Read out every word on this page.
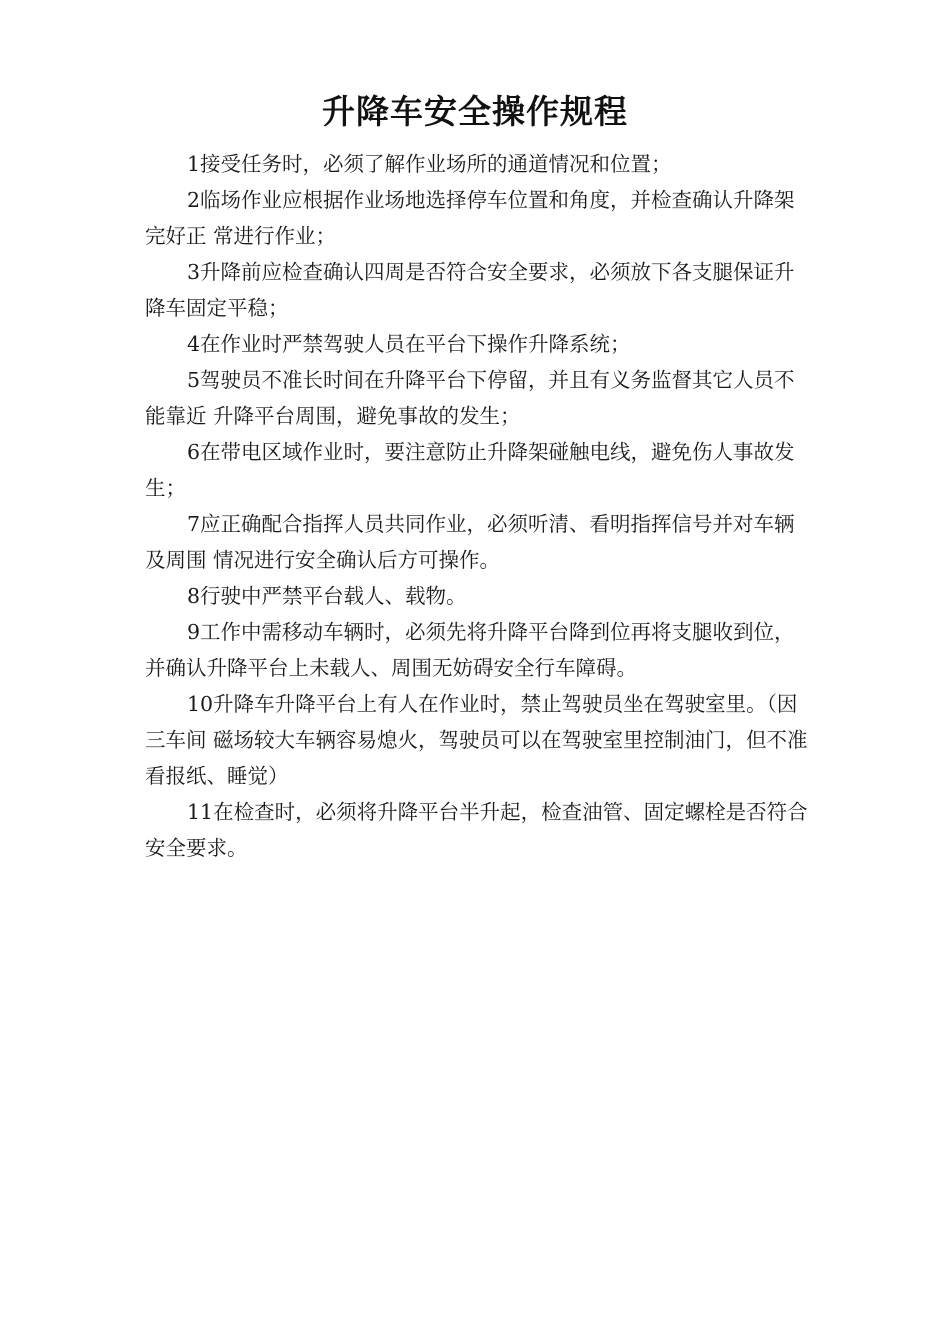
升降车安全操作规程

1接受任务时，必须了解作业场所的通道情况和位置；

2临场作业应根据作业场地选择停车位置和角度，并检查确认升降架完好正 常进行作业；

3升降前应检查确认四周是否符合安全要求，必须放下各支腿保证升降车固定平稳；

4在作业时严禁驾驶人员在平台下操作升降系统；

5驾驶员不准长时间在升降平台下停留，并且有义务监督其它人员不能靠近 升降平台周围，避免事故的发生；

6在带电区域作业时，要注意防止升降架碰触电线，避免伤人事故发生；

7应正确配合指挥人员共同作业，必须听清、看明指挥信号并对车辆及周围 情况进行安全确认后方可操作。

8行驶中严禁平台载人、载物。

9工作中需移动车辆时，必须先将升降平台降到位再将支腿收到位，并确认升降平台上未载人、周围无妨碍安全行车障碍。

10升降车升降平台上有人在作业时，禁止驾驶员坐在驾驶室里。（因三车间 磁场较大车辆容易熄火，驾驶员可以在驾驶室里控制油门，但不准看报纸、睡觉）

11在检查时，必须将升降平台半升起，检查油管、固定螺栓是否符合安全要求。
